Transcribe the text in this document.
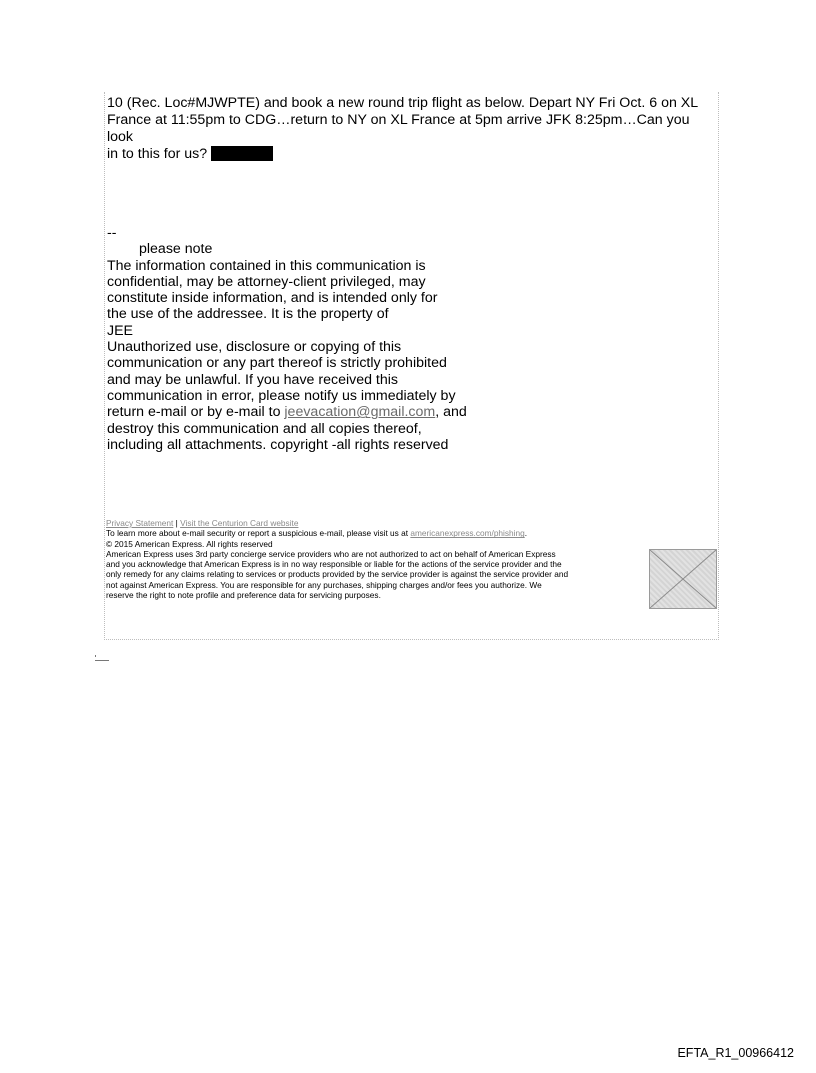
10 (Rec. Loc#MJWPTE) and book a new round trip flight as below. Depart NY Fri Oct. 6 on XL

France at 11:55pm to CDG…return to NY on XL France at 5pm arrive JFK 8:25pm…Can you look

in to this for us?

--
please note
The information contained in this communication is
confidential, may be attorney-client privileged, may
constitute inside information, and is intended only for
the use of the addressee. It is the property of
JEE
Unauthorized use, disclosure or copying of this
communication or any part thereof is strictly prohibited
and may be unlawful. If you have received this
communication in error, please notify us immediately by
return e-mail or by e-mail to jeevacation@gmail.com, and
destroy this communication and all copies thereof,
including all attachments. copyright -all rights reserved
Privacy Statement | Visit the Centurion Card website
To learn more about e-mail security or report a suspicious e-mail, please visit us at americanexpress.com/phishing.
© 2015 American Express. All rights reserved
American Express uses 3rd party concierge service providers who are not authorized to act on behalf of American Express
and you acknowledge that American Express is in no way responsible or liable for the actions of the service provider and the
only remedy for any claims relating to services or products provided by the service provider is against the service provider and
not against American Express. You are responsible for any purchases, shipping charges and/or fees you authorize. We
reserve the right to note profile and preference data for servicing purposes.
EFTA_R1_00966412
